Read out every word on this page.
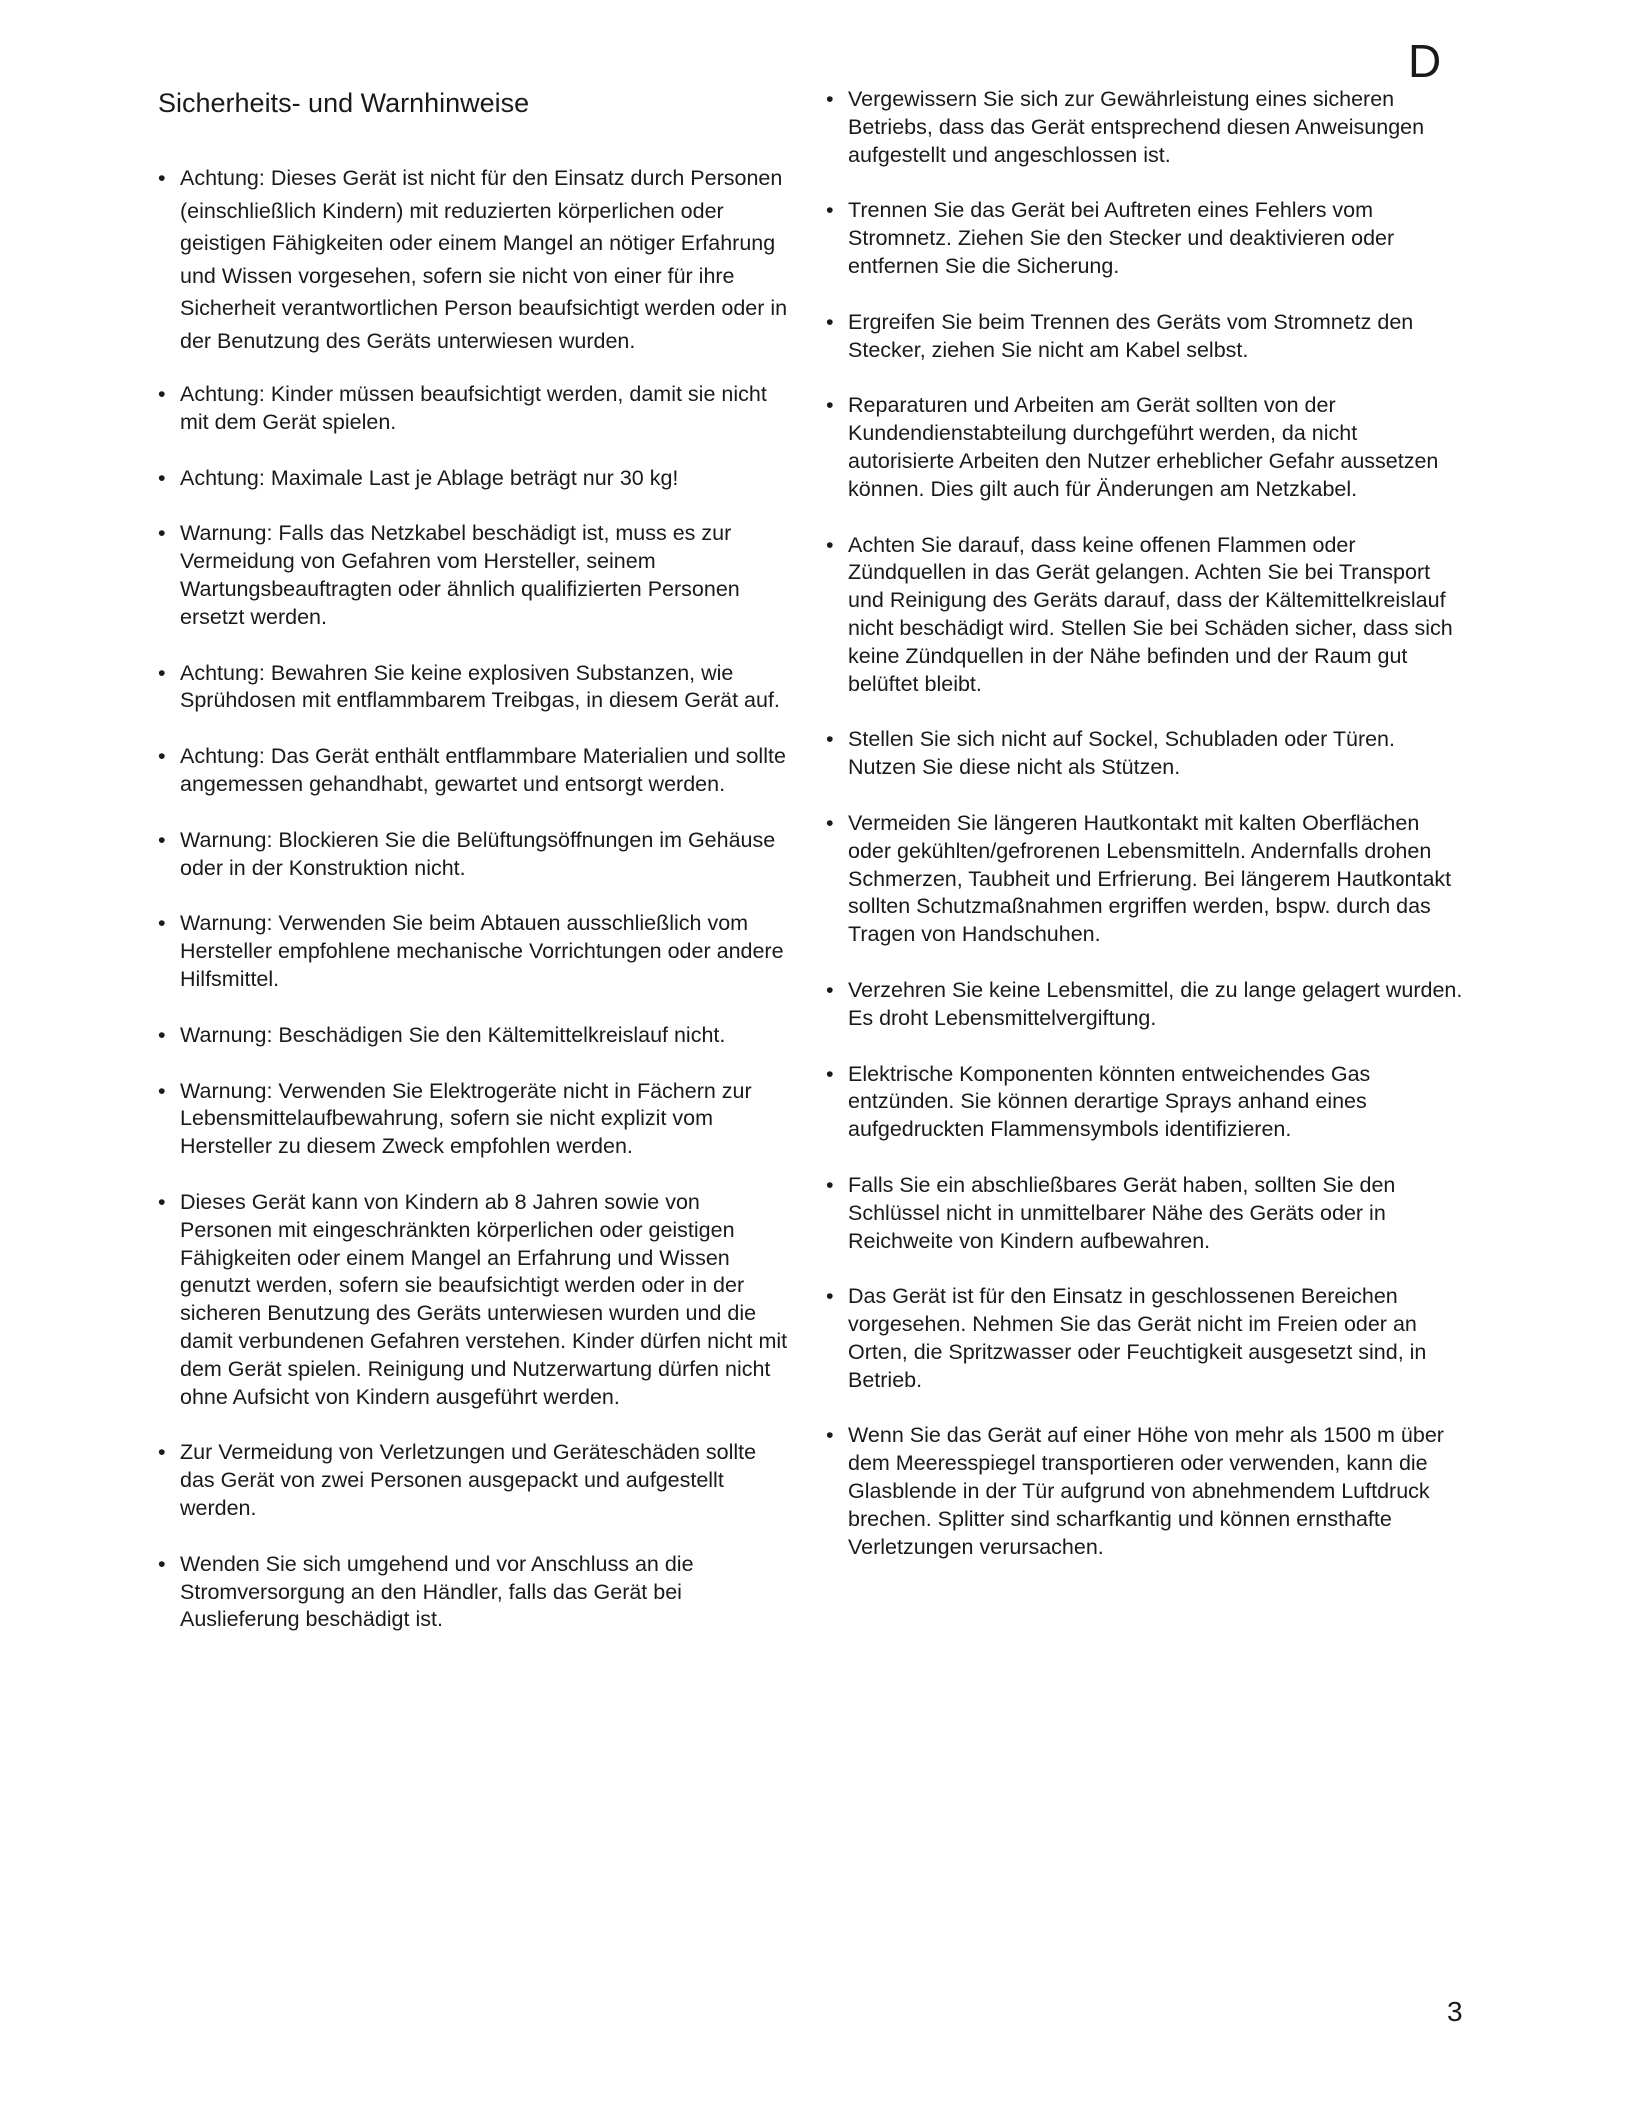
D
Sicherheits- und Warnhinweise
• Achtung: Dieses Gerät ist nicht für den Einsatz durch Personen (einschließlich Kindern) mit reduzierten körperlichen oder geistigen Fähigkeiten oder einem Mangel an nötiger Erfahrung und Wissen vorgesehen, sofern sie nicht von einer für ihre Sicherheit verantwortlichen Person beaufsichtigt werden oder in der Benutzung des Geräts unterwiesen wurden.
• Achtung: Kinder müssen beaufsichtigt werden, damit sie nicht mit dem Gerät spielen.
• Achtung: Maximale Last je Ablage beträgt nur 30 kg!
• Warnung: Falls das Netzkabel beschädigt ist, muss es zur Vermeidung von Gefahren vom Hersteller, seinem Wartungsbeauftragten oder ähnlich qualifizierten Personen ersetzt werden.
• Achtung: Bewahren Sie keine explosiven Substanzen, wie Sprühdosen mit entflammbarem Treibgas, in diesem Gerät auf.
• Achtung: Das Gerät enthält entflammbare Materialien und sollte angemessen gehandhabt, gewartet und entsorgt werden.
• Warnung: Blockieren Sie die Belüftungsöffnungen im Gehäuse oder in der Konstruktion nicht.
• Warnung: Verwenden Sie beim Abtauen ausschließlich vom Hersteller empfohlene mechanische Vorrichtungen oder andere Hilfsmittel.
• Warnung: Beschädigen Sie den Kältemittelkreislauf nicht.
• Warnung: Verwenden Sie Elektrogeräte nicht in Fächern zur Lebensmittelaufbewahrung, sofern sie nicht explizit vom Hersteller zu diesem Zweck empfohlen werden.
• Dieses Gerät kann von Kindern ab 8 Jahren sowie von Personen mit eingeschränkten körperlichen oder geistigen Fähigkeiten oder einem Mangel an Erfahrung und Wissen genutzt werden, sofern sie beaufsichtigt werden oder in der sicheren Benutzung des Geräts unterwiesen wurden und die damit verbundenen Gefahren verstehen. Kinder dürfen nicht mit dem Gerät spielen. Reinigung und Nutzerwartung dürfen nicht ohne Aufsicht von Kindern ausgeführt werden.
• Zur Vermeidung von Verletzungen und Geräteschäden sollte das Gerät von zwei Personen ausgepackt und aufgestellt werden.
• Wenden Sie sich umgehend und vor Anschluss an die Stromversorgung an den Händler, falls das Gerät bei Auslieferung beschädigt ist.
• Vergewissern Sie sich zur Gewährleistung eines sicheren Betriebs, dass das Gerät entsprechend diesen Anweisungen aufgestellt und angeschlossen ist.
• Trennen Sie das Gerät bei Auftreten eines Fehlers vom Stromnetz. Ziehen Sie den Stecker und deaktivieren oder entfernen Sie die Sicherung.
• Ergreifen Sie beim Trennen des Geräts vom Stromnetz den Stecker, ziehen Sie nicht am Kabel selbst.
• Reparaturen und Arbeiten am Gerät sollten von der Kundendienstabteilung durchgeführt werden, da nicht autorisierte Arbeiten den Nutzer erheblicher Gefahr aussetzen können. Dies gilt auch für Änderungen am Netzkabel.
• Achten Sie darauf, dass keine offenen Flammen oder Zündquellen in das Gerät gelangen. Achten Sie bei Transport und Reinigung des Geräts darauf, dass der Kältemittelkreislauf nicht beschädigt wird. Stellen Sie bei Schäden sicher, dass sich keine Zündquellen in der Nähe befinden und der Raum gut belüftet bleibt.
• Stellen Sie sich nicht auf Sockel, Schubladen oder Türen. Nutzen Sie diese nicht als Stützen.
• Vermeiden Sie längeren Hautkontakt mit kalten Oberflächen oder gekühlten/gefrorenen Lebensmitteln. Andernfalls drohen Schmerzen, Taubheit und Erfrierung. Bei längerem Hautkontakt sollten Schutzmaßnahmen ergriffen werden, bspw. durch das Tragen von Handschuhen.
• Verzehren Sie keine Lebensmittel, die zu lange gelagert wurden. Es droht Lebensmittelvergiftung.
• Elektrische Komponenten könnten entweichendes Gas entzünden. Sie können derartige Sprays anhand eines aufgedruckten Flammensymbols identifizieren.
• Falls Sie ein abschließbares Gerät haben, sollten Sie den Schlüssel nicht in unmittelbarer Nähe des Geräts oder in Reichweite von Kindern aufbewahren.
• Das Gerät ist für den Einsatz in geschlossenen Bereichen vorgesehen. Nehmen Sie das Gerät nicht im Freien oder an Orten, die Spritzwasser oder Feuchtigkeit ausgesetzt sind, in Betrieb.
• Wenn Sie das Gerät auf einer Höhe von mehr als 1500 m über dem Meeresspiegel transportieren oder verwenden, kann die Glasblende in der Tür aufgrund von abnehmendem Luftdruck brechen. Splitter sind scharfkantig und können ernsthafte Verletzungen verursachen.
3
